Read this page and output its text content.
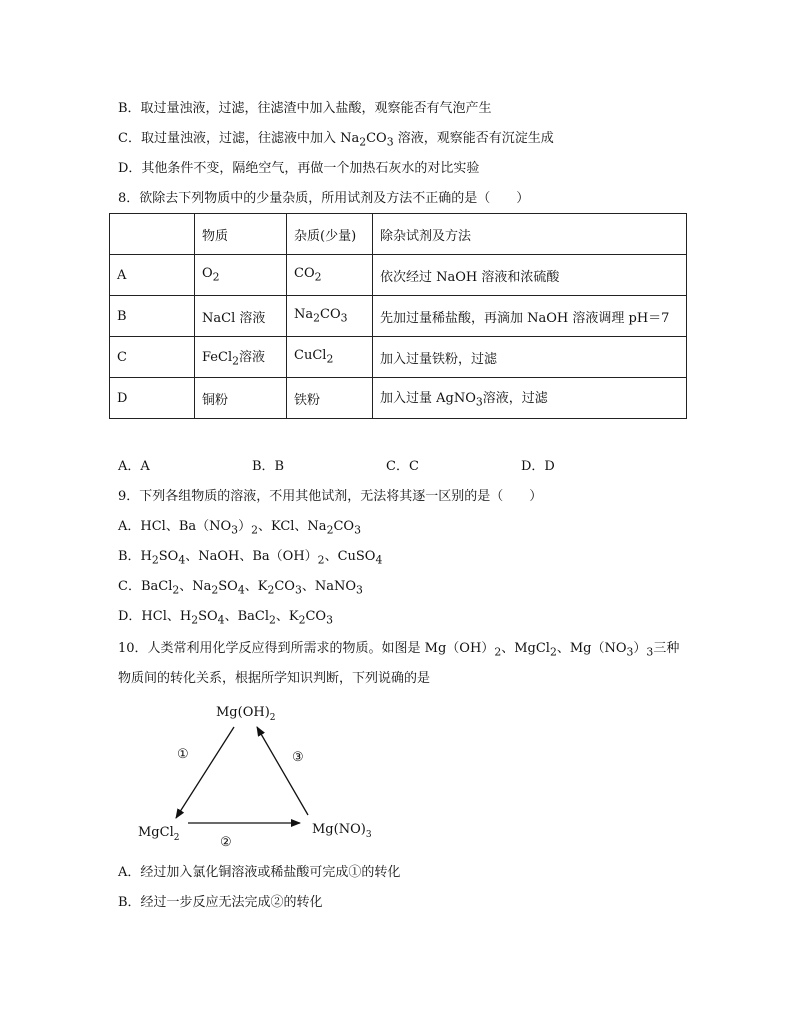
B．取过量浊液，过滤，往滤渣中加入盐酸，观察能否有气泡产生
C．取过量浊液，过滤，往滤液中加入 $Na_2CO_3$ 溶液，观察能否有沉淀生成
D．其他条件不变，隔绝空气，再做一个加热石灰水的对比实验
8．欲除去下列物质中的少量杂质，所用试剂及方法不正确的是（　　）
	物质	杂质(少量)	除杂试剂及方法
A	$O_2$	$CO_2$	依次经过 NaOH 溶液和浓硫酸
B	NaCl 溶液	$Na_2CO_3$	先加过量稀盐酸，再滴加 NaOH 溶液调理 pH＝7
C	FeCl$_2$溶液	CuCl$_2$	加入过量铁粉，过滤
D	铜粉	铁粉	加入过量 AgNO$_3$溶液，过滤
A．A	B．B	C．C	D．D
9．下列各组物质的溶液，不用其他试剂，无法将其逐一区别的是（　　）
A．HCl、$Ba(NO_3)_2$、KCl、$Na_2CO_3$
B．$H_2SO_4$、NaOH、$Ba(OH)_2$、CuSO$_4$
C．BaCl$_2$、$Na_2SO_4$、$K_2CO_3$、NaNO$_3$
D．HCl、$H_2SO_4$、BaCl$_2$、$K_2CO_3$
10．人类常利用化学反应得到所需求的物质。如图是 $Mg(OH)_2$、MgCl$_2$、$Mg(NO_3)_3$三种
物质间的转化关系，根据所学知识判断，下列说确的是
$Mg(OH)_2$
MgCl$_2$
$Mg(NO)_3$
①
②
③
A．经过加入氯化铜溶液或稀盐酸可完成①的转化
B．经过一步反应无法完成②的转化
